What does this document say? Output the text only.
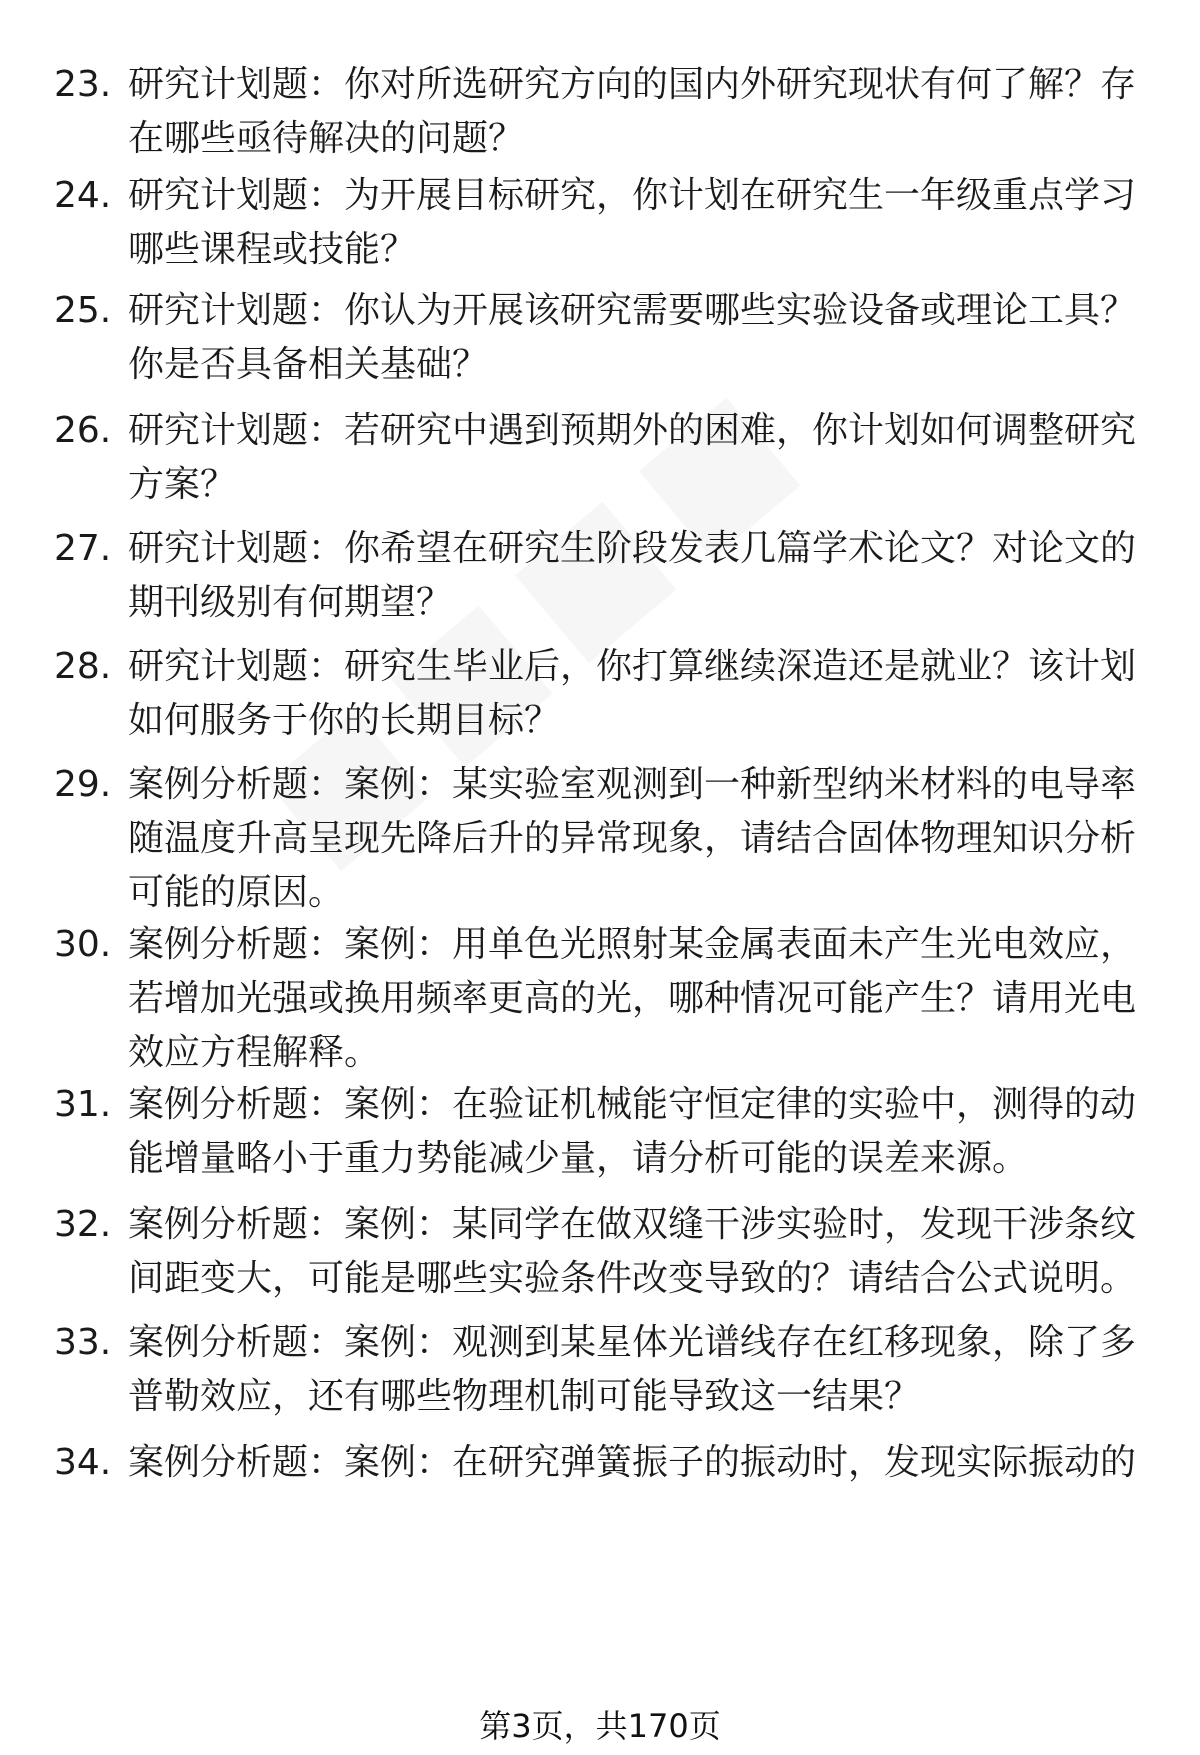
23. 研究计划题：你对所选研究方向的国内外研究现状有何了解？存
在哪些亟待解决的问题？
24. 研究计划题：为开展目标研究，你计划在研究生一年级重点学习
哪些课程或技能？
25. 研究计划题：你认为开展该研究需要哪些实验设备或理论工具？
你是否具备相关基础？
26. 研究计划题：若研究中遇到预期外的困难，你计划如何调整研究
方案？
27. 研究计划题：你希望在研究生阶段发表几篇学术论文？对论文的
期刊级别有何期望？
28. 研究计划题：研究生毕业后，你打算继续深造还是就业？该计划
如何服务于你的长期目标？
29. 案例分析题：案例：某实验室观测到一种新型纳米材料的电导率
随温度升高呈现先降后升的异常现象，请结合固体物理知识分析
可能的原因。
30. 案例分析题：案例：用单色光照射某金属表面未产生光电效应，
若增加光强或换用频率更高的光，哪种情况可能产生？请用光电
效应方程解释。
31. 案例分析题：案例：在验证机械能守恒定律的实验中，测得的动
能增量略小于重力势能减少量，请分析可能的误差来源。
32. 案例分析题：案例：某同学在做双缝干涉实验时，发现干涉条纹
间距变大，可能是哪些实验条件改变导致的？请结合公式说明。
33. 案例分析题：案例：观测到某星体光谱线存在红移现象，除了多
普勒效应，还有哪些物理机制可能导致这一结果？
34. 案例分析题：案例：在研究弹簧振子的振动时，发现实际振动的
第3页，共170页
